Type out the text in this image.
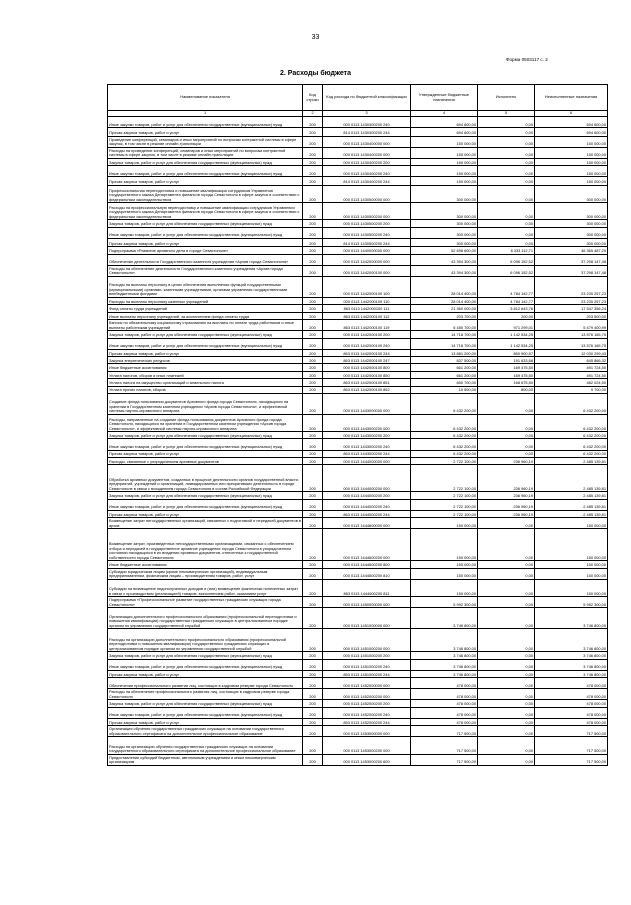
33
Форма 0503117 с. 2
2. Расходы бюджета
Наименование показателя	Код строки	Код расхода по бюджетной классификации	Утвержденные бюджетные назначения	Исполнено	Неисполненные назначения
1	2	3	4	5	6
Иные закупки товаров, работ и услуг для обеспечения государственных (муниципальных) нужд	200	000 0113 1430300200 240	694 600,00	0,00	694 600,00
Прочая закупка товаров, работ и услуг	200	814 0113 1430300200 244	694 600,00	0,00	694 600,00
Проведение конференций, семинаров и иных мероприятий по вопросам контрактной системы в сфере закупок, в том числе в режиме онлайн-трансляции	200	000 0113 1430400000 000	150 000,00	0,00	150 000,00
Расходы на проведение конференций, семинаров и иных мероприятий по вопросам контрактной системы в сфере закупок, в том числе в режиме онлайн-трансляции	200	000 0113 1430400200 000	150 000,00	0,00	150 000,00
Закупка товаров, работ и услуг для обеспечения государственных (муниципальных) нужд	200	000 0113 1430400200 200	150 000,00	0,00	150 000,00
Иные закупки товаров, работ и услуг для обеспечения государственных (муниципальных) нужд	200	000 0113 1430400200 240	150 000,00	0,00	150 000,00
Прочая закупка товаров, работ и услуг	200	814 0113 1430400200 244	150 000,00	0,00	150 000,00
Профессиональная переподготовка и повышение квалификации сотрудников Управления государственного заказа Департамента финансов города Севастополя в сфере закупок в соответствии с федеральным законодательством	200	000 0113 1430500000 000	300 000,00	0,00	300 000,00
Расходы на профессиональную переподготовку и повышение квалификации сотрудников Управления государственного заказа Департамента финансов города Севастополя в сфере закупок в соответствии с федеральным законодательством	200	000 0113 1430500200 000	300 000,00	0,00	300 000,00
Закупка товаров, работ и услуг для обеспечения государственных (муниципальных) нужд	200	000 0113 1430500200 200	300 000,00	0,00	300 000,00
Иные закупки товаров, работ и услуг для обеспечения государственных (муниципальных) нужд	200	000 0113 1430500200 240	300 000,00	0,00	300 000,00
Прочая закупка товаров, работ и услуг	200	814 0113 1430500200 244	300 000,00	0,00	300 000,00
Подпрограмма «Развитие архивного дела в городе Севастополе»	200	000 0113 1440000000 000	52 698 600,00	6 333 112,71	46 365 487,29
Обеспечение деятельности Государственного казенного учреждения «Архив города Севастополя»	200	000 0113 1442000000 000	43 394 300,00	6 096 152,52	37 298 147,48
Расходы на обеспечение деятельности Государственного казенного учреждения «Архив города Севастополя»	200	000 0113 1442000100 000	43 394 300,00	6 096 152,52	37 298 147,48
Расходы на выплаты персоналу в целях обеспечения выполнения функций государственными (муниципальными) органами, казенными учреждениями, органами управления государственными внебюджетными фондами	200	000 0113 1442000100 100	28 014 400,00	4 784 142,77	23 230 257,23
Расходы на выплаты персоналу казенных учреждений	200	000 0113 1442000100 110	28 014 400,00	4 784 142,77	23 230 257,23
Фонд оплаты труда учреждений	200	863 0113 1442000100 111	21 360 000,00	3 812 643,76	17 547 356,24
Иные выплаты персоналу учреждений, за исключением фонда оплаты труда	200	863 0113 1442000100 112	203 700,00	200,00	203 500,00
Взносы по обязательному социальному страхованию на выплаты по оплате труда работников и иные выплаты работникам учреждений	200	863 0113 1442000100 119	6 450 700,00	971 299,01	5 479 400,99
Закупка товаров, работ и услуг для обеспечения государственных (муниципальных) нужд	200	000 0113 1442000100 200	14 718 700,00	1 142 534,25	13 576 165,75
Иные закупки товаров, работ и услуг для обеспечения государственных (муниципальных) нужд	200	000 0113 1442000100 240	14 718 700,00	1 142 534,25	13 576 165,75
Прочая закупка товаров, работ и услуг	200	863 0113 1442000100 244	13 881 200,00	850 900,57	12 030 299,43
Закупка энергетических ресурсов	200	863 0113 1442000100 247	837 500,00	191 633,68	645 866,32
Иные бюджетные ассигнования	200	000 0113 1442000100 800	661 200,00	169 475,50	491 724,50
Уплата налогов, сборов и иных платежей	200	000 0113 1442000100 850	661 200,00	169 475,50	491 724,50
Уплата налога на имущество организаций и земельного налога	200	863 0113 1442000100 851	650 700,00	168 675,50	482 024,50
Уплата прочих налогов, сборов	200	863 0113 1442000100 852	10 500,00	800,00	9 700,00
Создание фонда пользования документов Архивного фонда города Севастополя, находящихся на хранении в Государственном казенном учреждении «Архив города Севастополя», и эффективной системы научно-справочного аппарата	200	000 0113 1443000000 000	6 432 200,00	0,00	6 432 200,00
Расходы, направленные на создание фонда пользования документов Архивного фонда города Севастополя, находящихся на хранении в Государственном казенном учреждении «Архив города Севастополя», и эффективной системы научно-справочного аппарата	200	000 0113 1443000200 000	6 432 200,00	0,00	6 432 200,00
Закупка товаров, работ и услуг для обеспечения государственных (муниципальных) нужд	200	000 0113 1443000200 200	6 432 200,00	0,00	6 432 200,00
Иные закупки товаров, работ и услуг для обеспечения государственных (муниципальных) нужд	200	000 0113 1443000200 240	6 432 200,00	0,00	6 432 200,00
Прочая закупка товаров, работ и услуг	200	863 0113 1443000200 244	6 432 200,00	0,00	6 432 200,00
Расходы, связанные с упорядочением архивных документов	200	000 0113 1444000000 000	2 722 100,00	236 960,19	2 485 139,81
Обработка архивных документов, созданных в процессе деятельности органов государственной власти, предприятий, учреждений и организаций, ликвидированных или прекративших деятельность в городе Севастополе в связи с вхождением города Севастополя в состав Российской Федерации	200	000 0113 1444000200 000	2 722 100,00	236 960,19	2 485 139,81
Закупка товаров, работ и услуг для обеспечения государственных (муниципальных) нужд	200	000 0113 1444000200 200	2 722 100,00	236 960,19	2 485 139,81
Иные закупки товаров, работ и услуг для обеспечения государственных (муниципальных) нужд	200	000 0113 1444000200 240	2 722 100,00	236 960,19	2 485 139,81
Прочая закупка товаров, работ и услуг	200	863 0113 1444000200 244	2 722 100,00	236 960,19	2 485 139,81
Возмещение затрат негосударственных организаций, связанных с подготовкой и передачей документов в архив	200	000 0113 1444600000 000	150 000,00	0,00	150 000,00
Возмещение затрат, произведенных негосударственными организациями, связанных с обеспечением отбора и передачей в государственное архивное учреждение города Севастополя в упорядоченном состоянии находящихся в их владении архивных документов, отнесенных к государственной собственности города Севастополя	200	000 0113 1444600200 000	150 000,00	0,00	150 000,00
Иные бюджетные ассигнования	200	000 0113 1444600200 800	150 000,00	0,00	150 000,00
Субсидии юридическим лицам (кроме некоммерческих организаций), индивидуальным предпринимателям, физическим лицам – производителям товаров, работ, услуг	200	000 0113 1444600200 810	150 000,00	0,00	150 000,00
Субсидии на возмещение недополученных доходов и (или) возмещение фактически понесенных затрат в связи с производством (реализацией) товаров, выполнением работ, оказанием услуг	200	863 0113 1444600200 811	150 000,00	0,00	150 000,00
Подпрограмма «Профессиональное развитие государственных гражданских служащих города Севастополя»	200	000 0113 1450000000 000	5 992 300,00	0,00	5 992 300,00
Организация дополнительного профессионального образования (профессиональной переподготовки и повышения квалификации) государственных гражданских служащих в централизованном порядке органом по управлению государственной службой	200	000 0113 1451000000 000	3 746 800,00	0,00	3 746 800,00
Расходы на организацию дополнительного профессионального образования (профессиональной переподготовки и повышения квалификации) государственных гражданских служащих в централизованном порядке органом по управлению государственной службой	200	000 0113 1451000200 000	3 746 800,00	0,00	3 746 800,00
Закупка товаров, работ и услуг для обеспечения государственных (муниципальных) нужд	200	000 0113 1451000200 200	3 746 800,00	0,00	3 746 800,00
Иные закупки товаров, работ и услуг для обеспечения государственных (муниципальных) нужд	200	000 0113 1451000200 240	3 746 800,00	0,00	3 746 800,00
Прочая закупка товаров, работ и услуг	200	853 0113 1451000200 244	3 746 800,00	0,00	3 746 800,00
Обеспечение профессионального развития лиц, состоящих в кадровом резерве города Севастополя	200	000 0113 1452000000 000	478 000,00	0,00	478 000,00
Расходы на обеспечение профессионального развития лиц, состоящих в кадровом резерве города Севастополя	200	000 0113 1452000200 000	478 000,00	0,00	478 000,00
Закупка товаров, работ и услуг для обеспечения государственных (муниципальных) нужд	200	000 0113 1452000200 200	478 000,00	0,00	478 000,00
Иные закупки товаров, работ и услуг для обеспечения государственных (муниципальных) нужд	200	000 0113 1452000200 240	478 000,00	0,00	478 000,00
Прочая закупка товаров, работ и услуг	200	853 0113 1452000200 244	478 000,00	0,00	478 000,00
Организация обучения государственных гражданских служащих на основании государственного образовательного сертификата на дополнительное профессиональное образование	200	000 0113 1453000000 000	717 500,00	0,00	717 500,00
Расходы на организацию обучения государственных гражданских служащих на основании государственного образовательного сертификата на дополнительное профессиональное образование	200	000 0113 1453000200 000	717 500,00	0,00	717 500,00
Предоставление субсидий бюджетным, автономным учреждениям и иным некоммерческим организациям	200	000 0113 1453000200 600	717 500,00	0,00	717 500,00
